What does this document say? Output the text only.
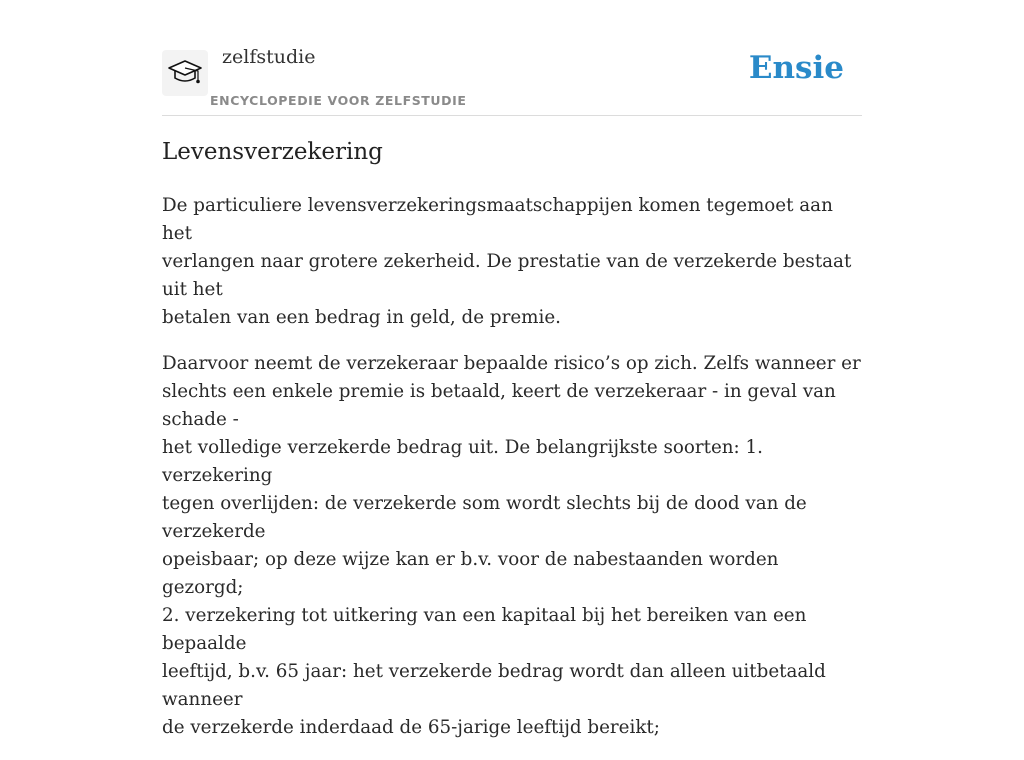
zelfstudie
ENCYCLOPEDIE VOOR ZELFSTUDIE
Ensie
Levensverzekering

De particuliere levensverzekeringsmaatschappijen komen tegemoet aan het
verlangen naar grotere zekerheid. De prestatie van de verzekerde bestaat uit het
betalen van een bedrag in geld, de premie.

Daarvoor neemt de verzekeraar bepaalde risico’s op zich. Zelfs wanneer er
slechts een enkele premie is betaald, keert de verzekeraar - in geval van schade -
het volledige verzekerde bedrag uit. De belangrijkste soorten: 1. verzekering
tegen overlijden: de verzekerde som wordt slechts bij de dood van de verzekerde
opeisbaar; op deze wijze kan er b.v. voor de nabestaanden worden gezorgd;
2. verzekering tot uitkering van een kapitaal bij het bereiken van een bepaalde
leeftijd, b.v. 65 jaar: het verzekerde bedrag wordt dan alleen uitbetaald wanneer
de verzekerde inderdaad de 65-jarige leeftijd bereikt;
